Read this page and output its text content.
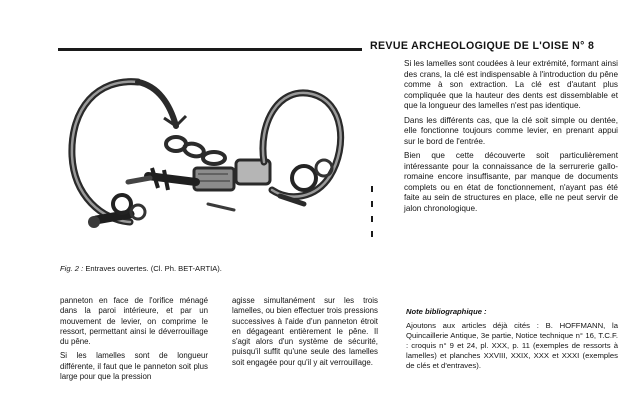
REVUE ARCHEOLOGIQUE DE L'OISE N° 8
Fig. 2 : Entraves ouvertes. (Cl. Ph. BET-ARTIA).

Si les lamelles sont coudées à leur extrémité, formant ainsi des crans, la clé est indispensable à l'introduction du pêne comme à son extraction. La clé est d'autant plus compliquée que la hauteur des dents est dissemblable et que la longueur des lamelles n'est pas identique.

Dans les différents cas, que la clé soit simple ou dentée, elle fonctionne toujours comme levier, en prenant appui sur le bord de l'entrée.

Bien que cette découverte soit particulièrement intéressante pour la connaissance de la serrurerie gallo-romaine encore insuffisante, par manque de documents complets ou en état de fonctionnement, n'ayant pas été faite au sein de structures en place, elle ne peut servir de jalon chronologique.

panneton en face de l'orifice ménagé dans la paroi intérieure, et par un mouvement de levier, on comprime le ressort, permettant ainsi le déverrouillage du pêne.

Si les lamelles sont de longueur différente, il faut que le panneton soit plus large pour que la pression

agisse simultanément sur les trois lamelles, ou bien effectuer trois pressions successives à l'aide d'un panneton étroit en dégageant entièrement le pêne. Il s'agit alors d'un système de sécurité, puisqu'il suffit qu'une seule des lamelles soit engagée pour qu'il y ait verrouillage.

Note bibliographique :

Ajoutons aux articles déjà cités : B. HOFFMANN, la Quincaillerie Antique, 3e partie, Notice technique n° 16, T.C.F. : croquis n° 9 et 24, pl. XXX, p. 11 (exemples de ressorts à lamelles) et planches XXVIII, XXIX, XXX et XXXI (exemples de clés et d'entraves).
